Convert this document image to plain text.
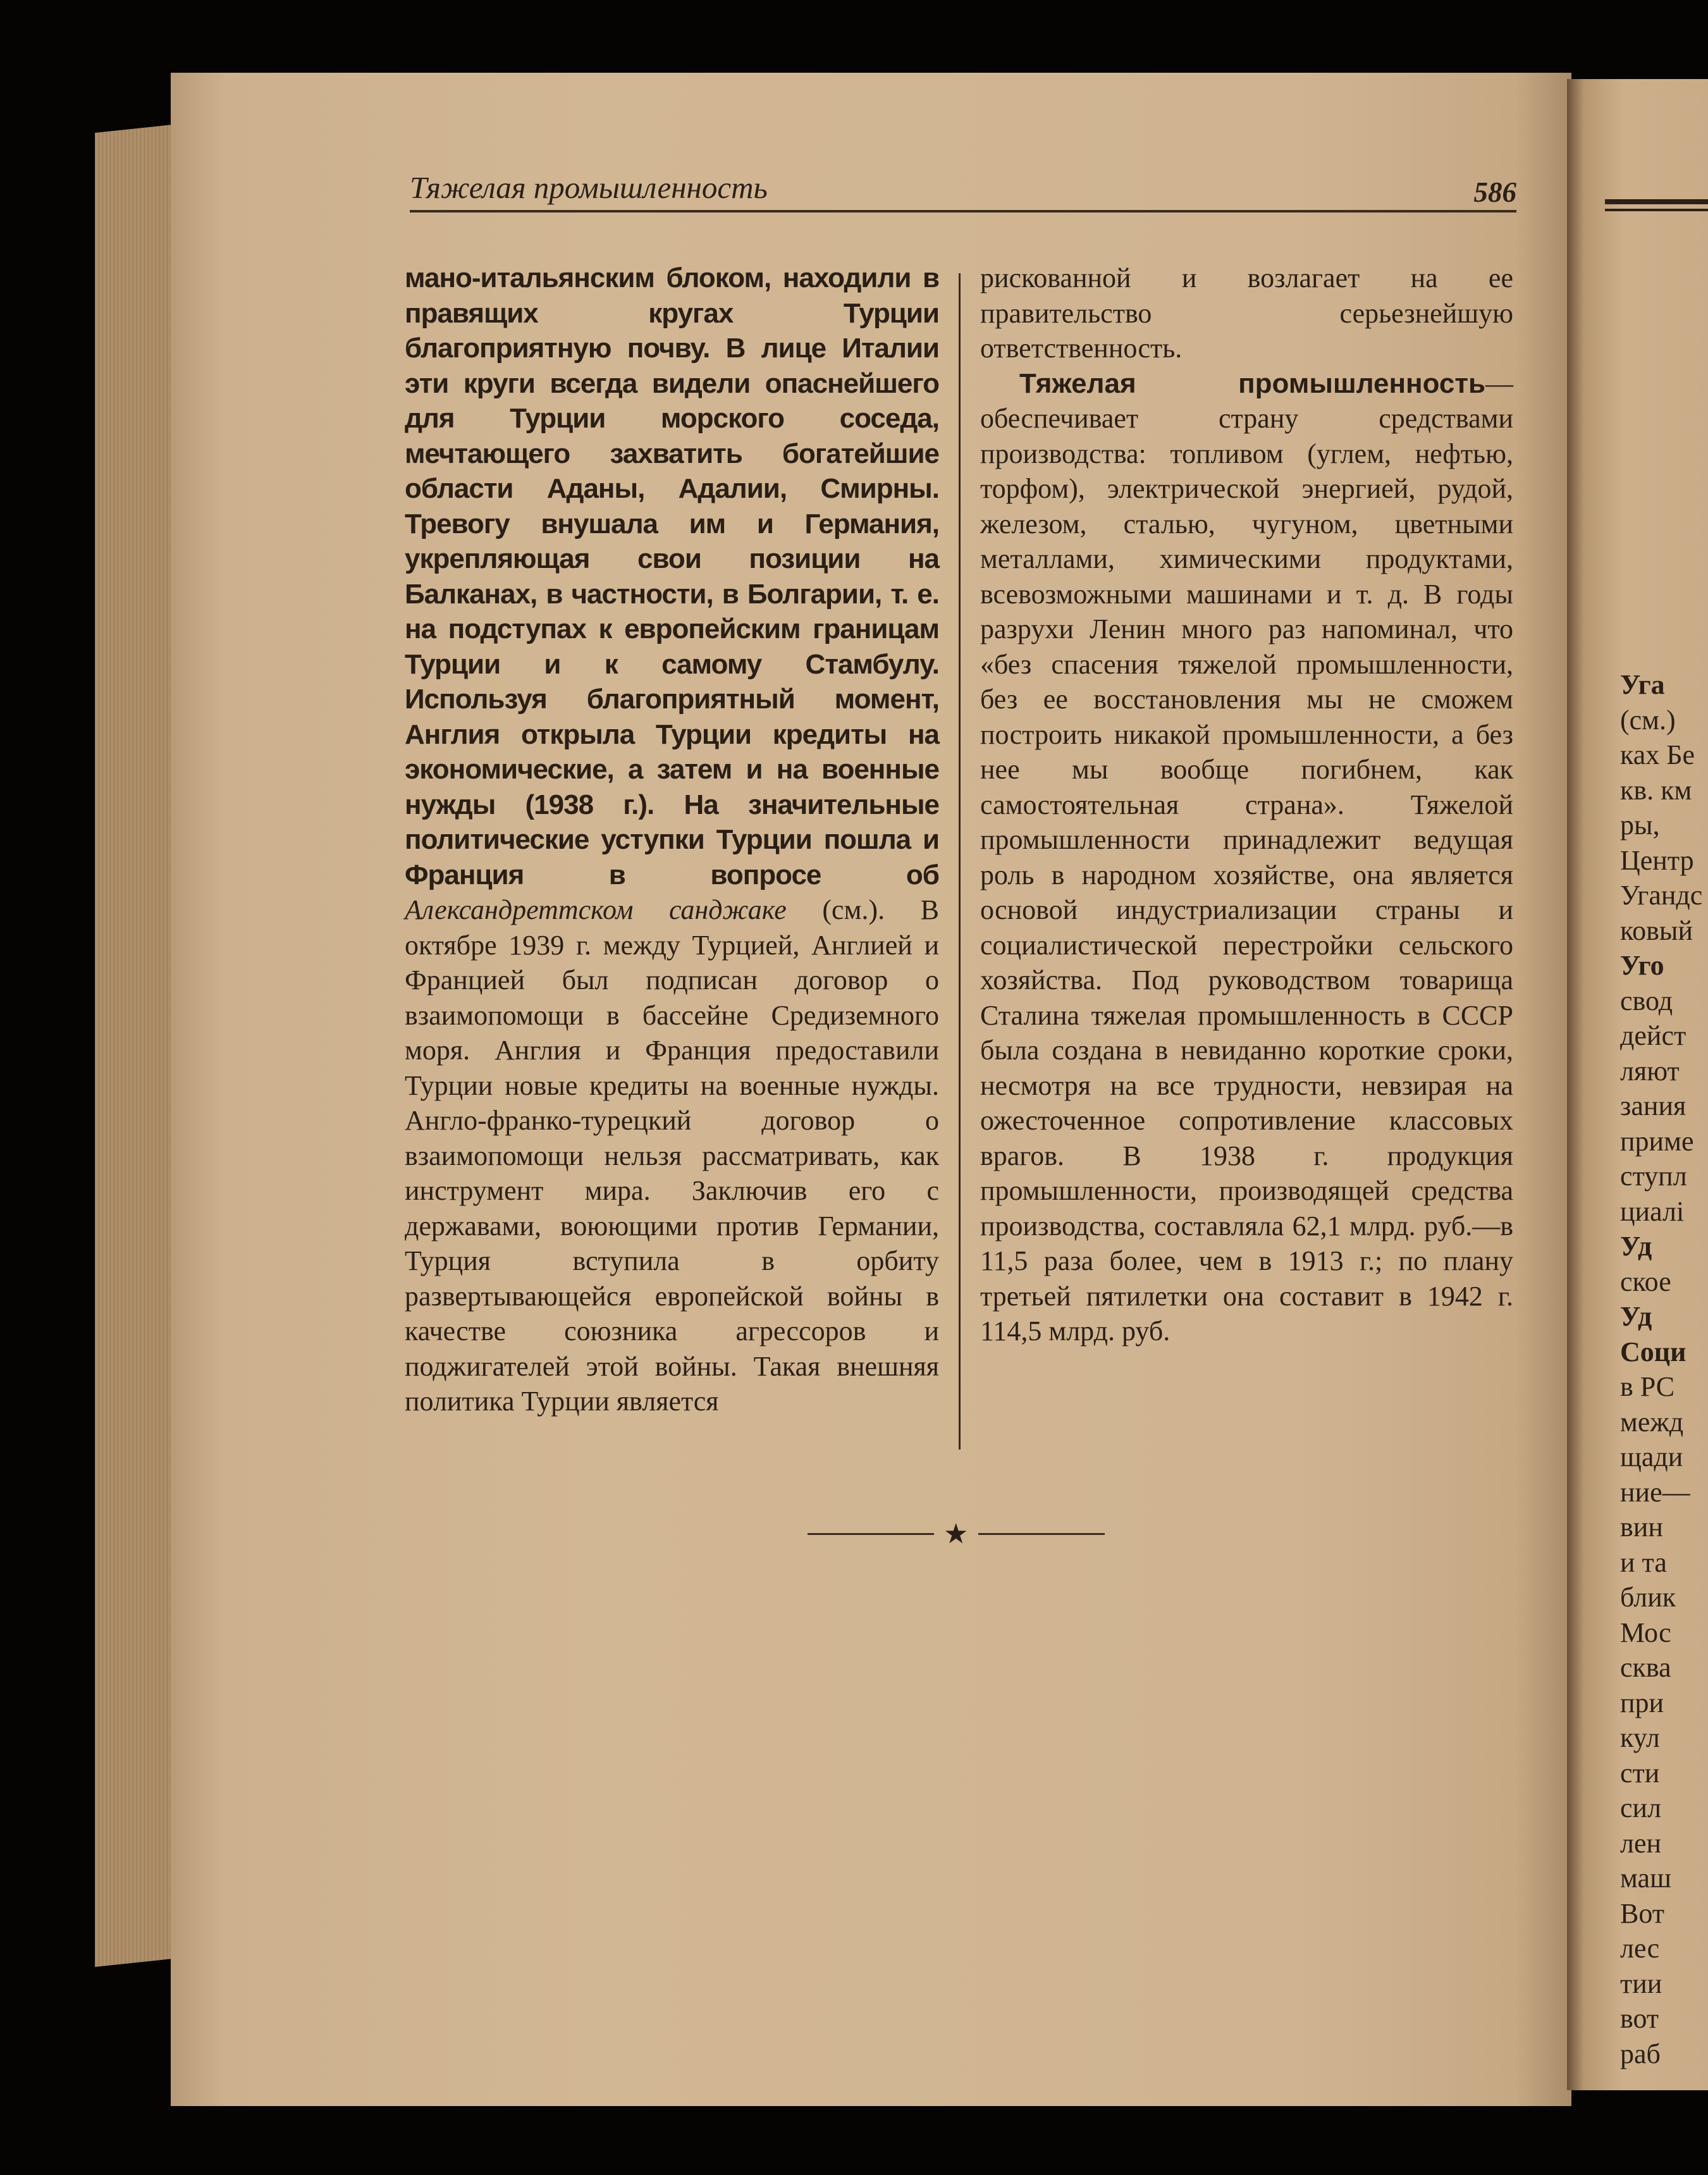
Тяжелая промышленность	586

мано-итальянским блоком, находили в правящих кругах Турции благоприятную почву. В лице Италии эти круги всегда видели опаснейшего для Турции морского соседа, мечтающего захватить богатейшие области Аданы, Адалии, Смирны. Тревогу внушала им и Германия, укрепляющая свои позиции на Балканах, в частности, в Болгарии, т. е. на подступах к европейским границам Турции и к самому Стамбулу. Используя благоприятный момент, Англия открыла Турции кредиты на экономические, а затем и на военные нужды (1938 г.). На значительные политические уступки Турции пошла и Франция в вопросе об Александреттском санджаке (см.). В октябре 1939 г. между Турцией, Англией и Францией был подписан договор о взаимопомощи в бассейне Средиземного моря. Англия и Франция предоставили Турции новые кредиты на военные нужды. Англо-франко-турецкий договор о взаимопомощи нельзя рассматривать, как инструмент мира. Заключив его с державами, воюющими против Германии, Турция вступила в орбиту развертывающейся европейской войны в качестве союзника агрессоров и поджигателей этой войны. Такая внешняя политика Турции является

рискованной и возлагает на ее правительство серьезнейшую ответственность.

Тяжелая промышленность—обеспечивает страну средствами производства: топливом (углем, нефтью, торфом), электрической энергией, рудой, железом, сталью, чугуном, цветными металлами, химическими продуктами, всевозможными машинами и т. д. В годы разрухи Ленин много раз напоминал, что «без спасения тяжелой промышленности, без ее восстановления мы не сможем построить никакой промышленности, а без нее мы вообще погибнем, как самостоятельная страна». Тяжелой промышленности принадлежит ведущая роль в народном хозяйстве, она является основой индустриализации страны и социалистической перестройки сельского хозяйства. Под руководством товарища Сталина тяжелая промышленность в СССР была создана в невиданно короткие сроки, несмотря на все трудности, невзирая на ожесточенное сопротивление классовых врагов. В 1938 г. продукция промышленности, производящей средства производства, составляла 62,1 млрд. руб.—в 11,5 раза более, чем в 1913 г.; по плану третьей пятилетки она составит в 1942 г. 114,5 млрд. руб.

★
Уга
(см.)
ках Бе
кв. км
ры,
Центр
Угандс
ковый
Уго
свод
дейст
ляют
зания
приме
ступл
циалі
Уд
ское
Уд
Соци
в РС
межд
щади
ние—
вин
и та
блик
Мос
сква
при
кул
сти
сил
лен
маш
Вот
лес
тии
вот
раб
